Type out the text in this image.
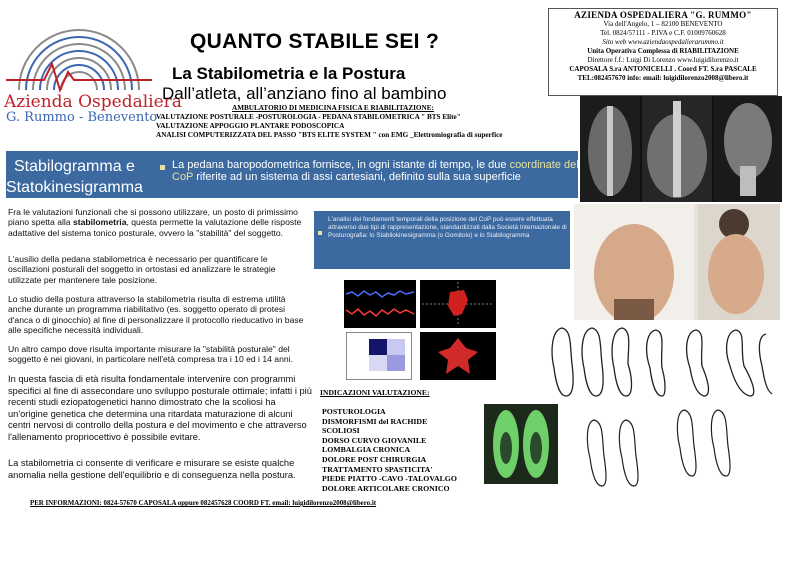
Azienda Ospedaliera
G. Rummo - Benevento
QUANTO STABILE SEI ?
La Stabilometria e la Postura
Dall’atleta, all’anziano fino al bambino
AMBULATORIO DI MEDICINA FISICA E RIABILITAZIONE:
VALUTAZIONE POSTURALE -POSTUROLOGIA - PEDANA STABILOMETRICA " BTS Elite"
VALUTAZIONE APPOGGIO PLANTARE PODOSCOPICA
ANALISI COMPUTERIZZATA DEL PASSO "BTS ELITE SYSTEM " con EMG _Elettromiografia di superfice
AZIENDA OSPEDALIERA "G. RUMMO"
Via dell'Angelo, 1 – 82100 BENEVENTO
Tel. 0824/57111 - P.IVA e C.F. 01009760628
Sito web www.aziendaospedalierarummo.it
Unita Operativa Complessa di RIABILITAZIONE
Direttore f.f.: Luigi Di Lorenzo www.luigidilorenzo.it
CAPOSALA S.ra ANTONICELLI . Coord FT. S.ra PASCALE
TEL:082457670 info: email: luigidilorenzo2008@libero.it
Stabilogramma e
Statokinesigramma
La pedana baropodometrica fornisce, in ogni istante di tempo, le due coordinate del CoP riferite ad un sistema di assi cartesiani, definito sulla sua superficie
Fra le valutazioni funzionali che si possono utilizzare, un posto di primissimo piano spetta alla stabilometria, questa permette la valutazione delle risposte adattative del sistema tonico posturale, ovvero la "stabilità" del soggetto.
L'ausilio della pedana stabilometrica è necessario per quantificare le oscillazioni posturali del soggetto in ortostasi ed analizzare le strategie utilizzate per mantenere tale posizione.
Lo studio della postura attraverso la stabilometria risulta di estrema utilità anche durante un programma riabilitativo (es. soggetto operato di protesi d'anca o di ginocchio) al fine di personalizzare il protocollo rieducativo in base alle specifiche necessità individuali.
Un altro campo dove risulta importante misurare la "stabilità posturale" del soggetto è nei giovani, in particolare nell'età compresa tra i 10 ed i 14 anni.
In questa fascia di età risulta fondamentale intervenire con programmi specifici al fine di assecondare uno sviluppo posturale ottimale; infatti i più recenti studi eziopatogenetici hanno dimostrato che la scoliosi ha un'origine genetica che determina una ritardata maturazione di alcuni centri nervosi di controllo della postura e del movimento e che attraverso l'allenamento propriocettivo è possibile evitare.
La stabilometria ci consente di verificare e misurare se esiste qualche anomalia nella gestione dell'equilibrio e di conseguenza nella postura.
L'analisi dei fondamenti temporali della posizione del CoP può essere effettuata attraverso due tipi di rappresentazione, standardizzati dalla Società Internazionale di Posturografia: lo Stabilokinesigramma (o Gomitolo) e lo Stabilogramma
INDICAZIONI VALUTAZIONE:
POSTUROLOGIA
DISMORFISMI del RACHIDE
SCOLIOSI
DORSO CURVO GIOVANILE
LOMBALGIA CRONICA
DOLORE POST CHIRURGIA
TRATTAMENTO SPASTICITA'
PIEDE PIATTO -CAVO -TALOVALGO
DOLORE ARTICOLARE CRONICO
PER INFORMAZIONI: 0824-57670 CAPOSALA oppure 082457628 COORD FT. email: luigidilorenzo2008@libero.it
